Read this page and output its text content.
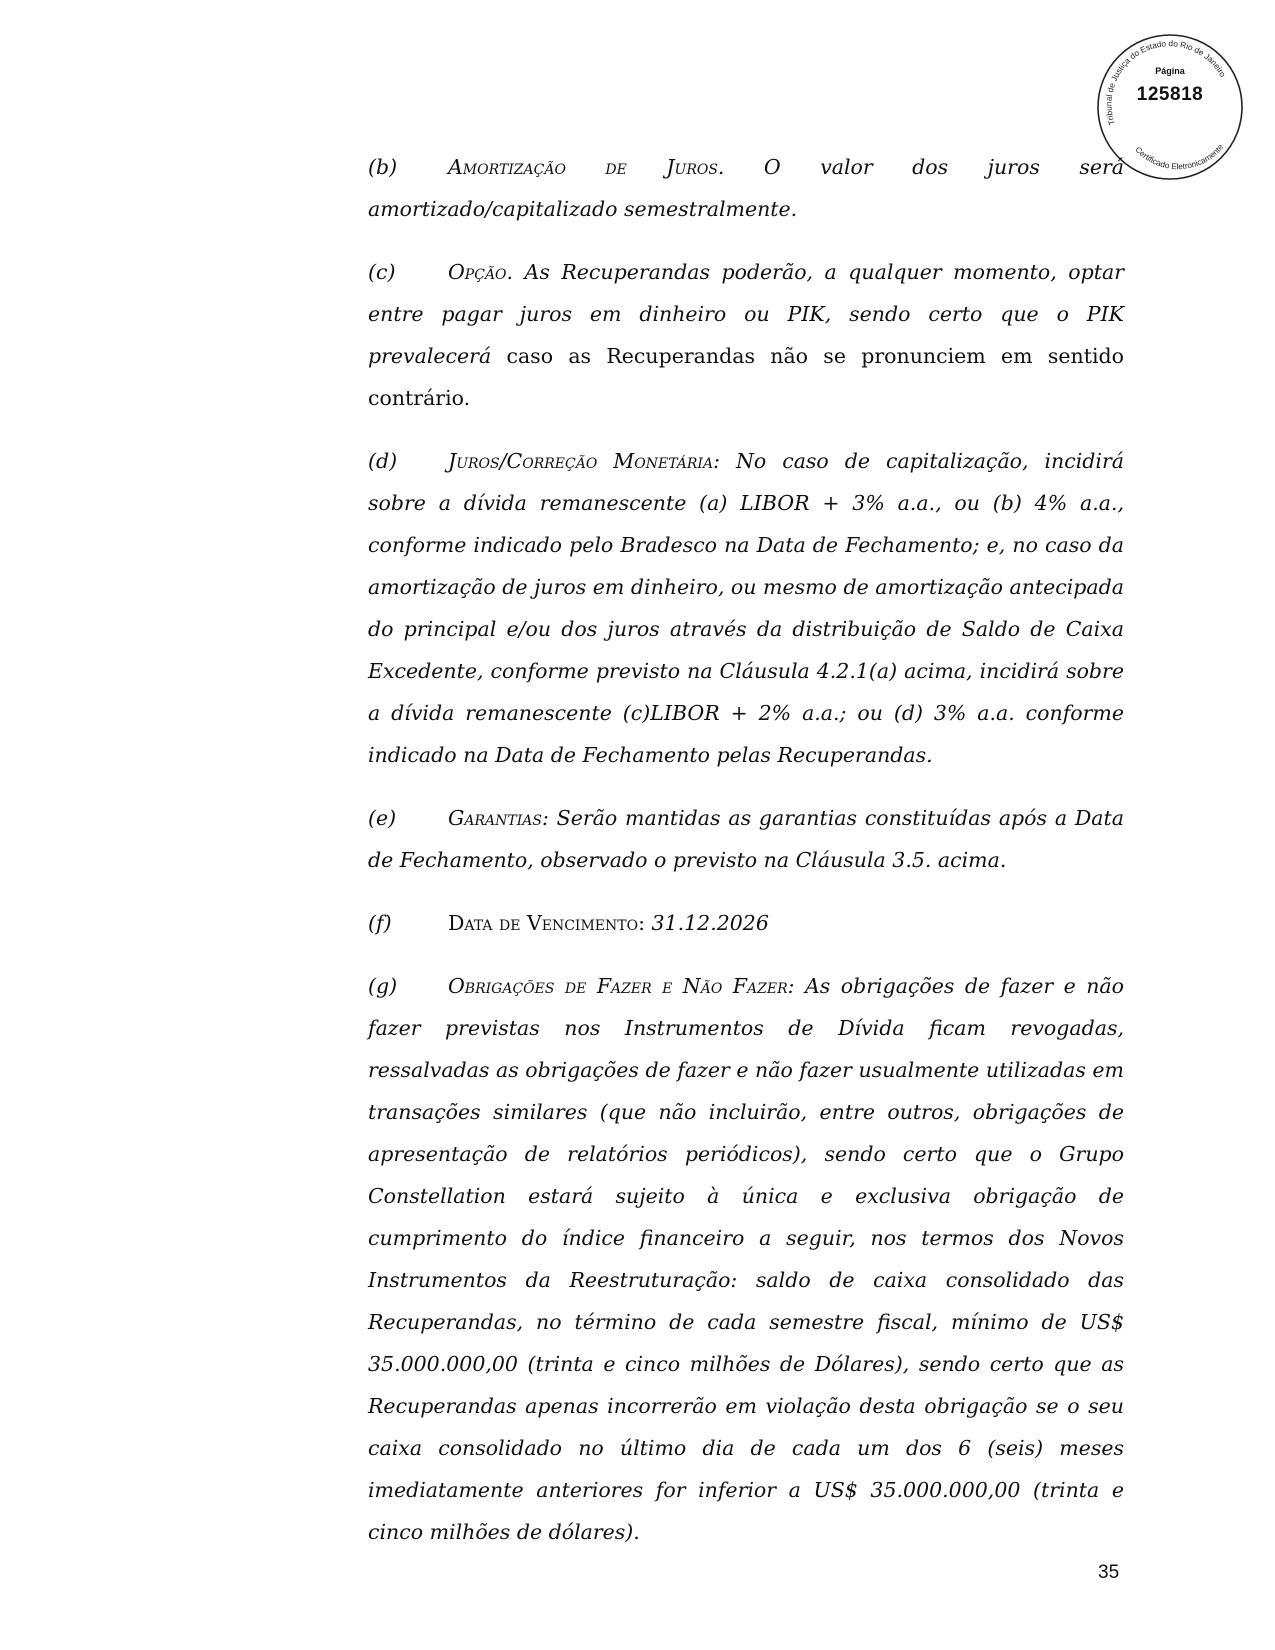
Tribunal de Justiça do Estado do Rio de Janeiro
Certificado Eletronicamente
Página
125818

(b) Amortização de Juros. O valor dos juros será amortizado/capitalizado semestralmente.

(c)	Opção. As Recuperandas poderão, a qualquer momento, optar entre pagar juros em dinheiro ou PIK, sendo certo que o PIK prevalecerá caso as Recuperandas não se pronunciem em sentido contrário.

(d) Juros/Correção Monetária: No caso de capitalização, incidirá sobre a dívida remanescente (a) LIBOR + 3% a.a., ou (b) 4% a.a., conforme indicado pelo Bradesco na Data de Fechamento; e, no caso da amortização de juros em dinheiro, ou mesmo de amortização antecipada do principal e/ou dos juros através da distribuição de Saldo de Caixa Excedente, conforme previsto na Cláusula 4.2.1(a) acima, incidirá sobre a dívida remanescente (c)LIBOR + 2% a.a.; ou (d) 3% a.a. conforme indicado na Data de Fechamento pelas Recuperandas.

(e)	Garantias: Serão mantidas as garantias constituídas após a Data de Fechamento, observado o previsto na Cláusula 3.5. acima.

(f)	Data de Vencimento: 31.12.2026

(g) Obrigações de Fazer e Não Fazer: As obrigações de fazer e não fazer previstas nos Instrumentos de Dívida ficam revogadas, ressalvadas as obrigações de fazer e não fazer usualmente utilizadas em transações similares (que não incluirão, entre outros, obrigações de apresentação de relatórios periódicos), sendo certo que o Grupo Constellation estará sujeito à única e exclusiva obrigação de cumprimento do índice financeiro a seguir, nos termos dos Novos Instrumentos da Reestruturação: saldo de caixa consolidado das Recuperandas, no término de cada semestre fiscal, mínimo de US$ 35.000.000,00 (trinta e cinco milhões de Dólares), sendo certo que as Recuperandas apenas incorrerão em violação desta obrigação se o seu caixa consolidado no último dia de cada um dos 6 (seis) meses imediatamente anteriores for inferior a US$ 35.000.000,00 (trinta e cinco milhões de dólares).

35
